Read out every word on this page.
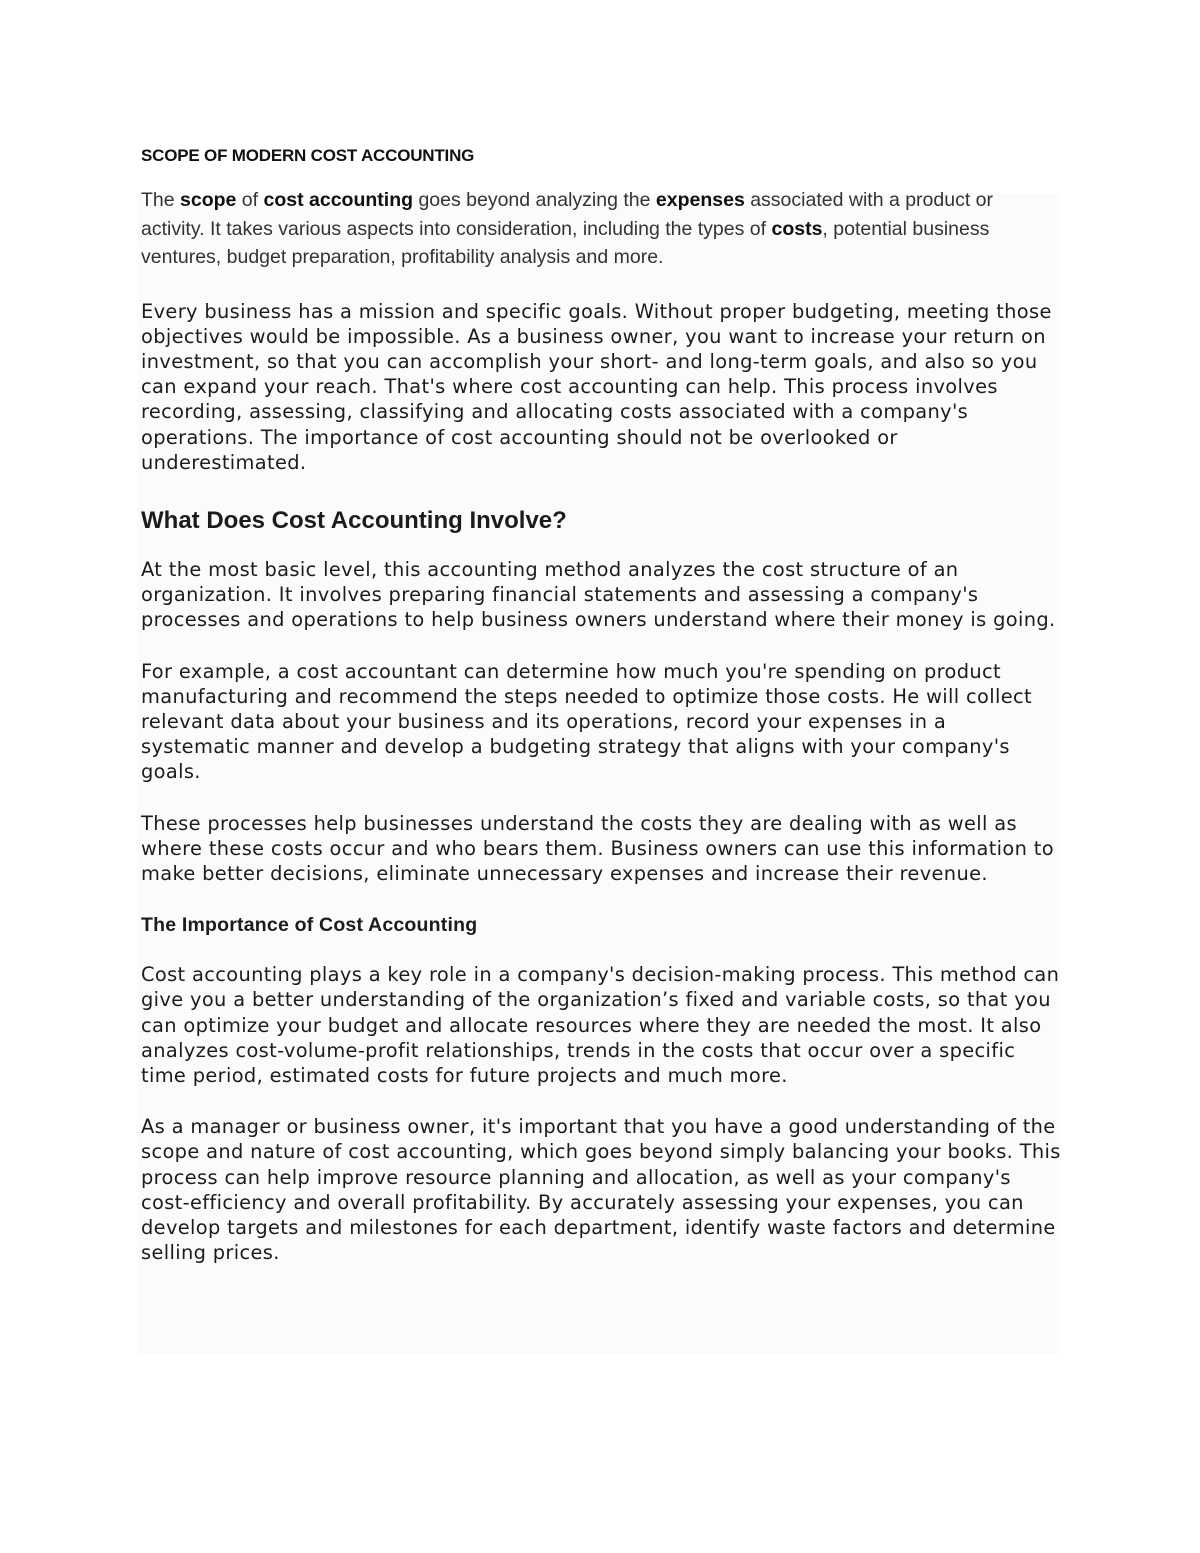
SCOPE OF MODERN COST ACCOUNTING

The scope of cost accounting goes beyond analyzing the expenses associated with a product or activity. It takes various aspects into consideration, including the types of costs, potential business ventures, budget preparation, profitability analysis and more.

Every business has a mission and specific goals. Without proper budgeting, meeting those objectives would be impossible. As a business owner, you want to increase your return on investment, so that you can accomplish your short- and long-term goals, and also so you can expand your reach. That's where cost accounting can help. This process involves recording, assessing, classifying and allocating costs associated with a company's operations. The importance of cost accounting should not be overlooked or underestimated.

What Does Cost Accounting Involve?

At the most basic level, this accounting method analyzes the cost structure of an organization. It involves preparing financial statements and assessing a company's processes and operations to help business owners understand where their money is going.

For example, a cost accountant can determine how much you're spending on product manufacturing and recommend the steps needed to optimize those costs. He will collect relevant data about your business and its operations, record your expenses in a systematic manner and develop a budgeting strategy that aligns with your company's goals.

These processes help businesses understand the costs they are dealing with as well as where these costs occur and who bears them. Business owners can use this information to make better decisions, eliminate unnecessary expenses and increase their revenue.

The Importance of Cost Accounting

Cost accounting plays a key role in a company's decision-making process. This method can give you a better understanding of the organization’s fixed and variable costs, so that you can optimize your budget and allocate resources where they are needed the most. It also analyzes cost-volume-profit relationships, trends in the costs that occur over a specific time period, estimated costs for future projects and much more.

As a manager or business owner, it's important that you have a good understanding of the scope and nature of cost accounting, which goes beyond simply balancing your books. This process can help improve resource planning and allocation, as well as your company's cost-efficiency and overall profitability. By accurately assessing your expenses, you can develop targets and milestones for each department, identify waste factors and determine selling prices.
